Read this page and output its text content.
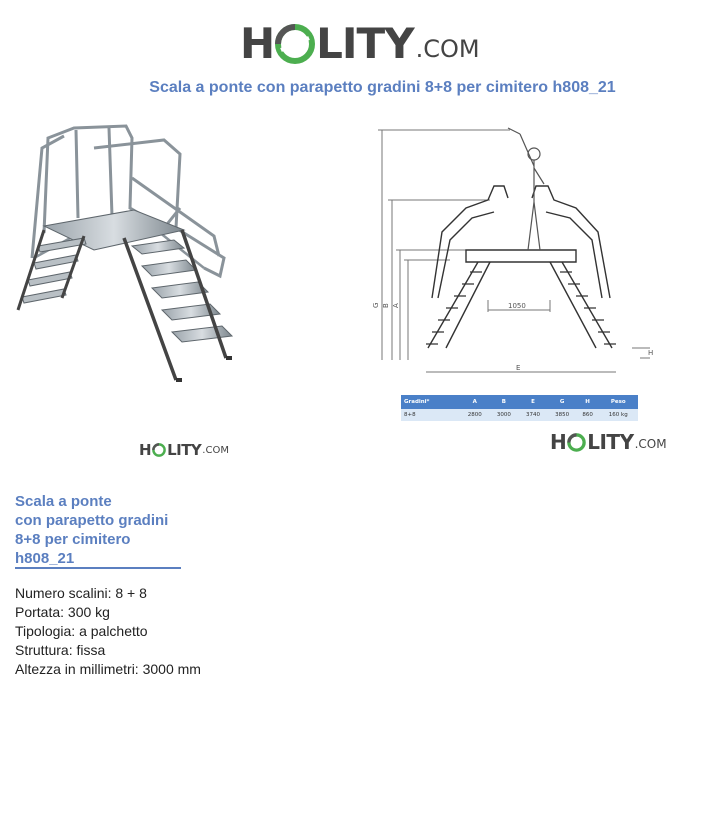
H LITY .COM
Scala a ponte con parapetto gradini 8+8 per cimitero h808_21
G B A
E
H
1050
Gradini*	A	B	E	G	H	Peso
8+8	2800	3000	3740	3850	860	160 kg
H LITY .COM	H LITY .COM
Scala a ponte
con parapetto gradini
8+8 per cimitero
h808_21
Numero scalini: 8 + 8
Portata: 300 kg
Tipologia: a palchetto
Struttura: fissa
Altezza in millimetri: 3000 mm
